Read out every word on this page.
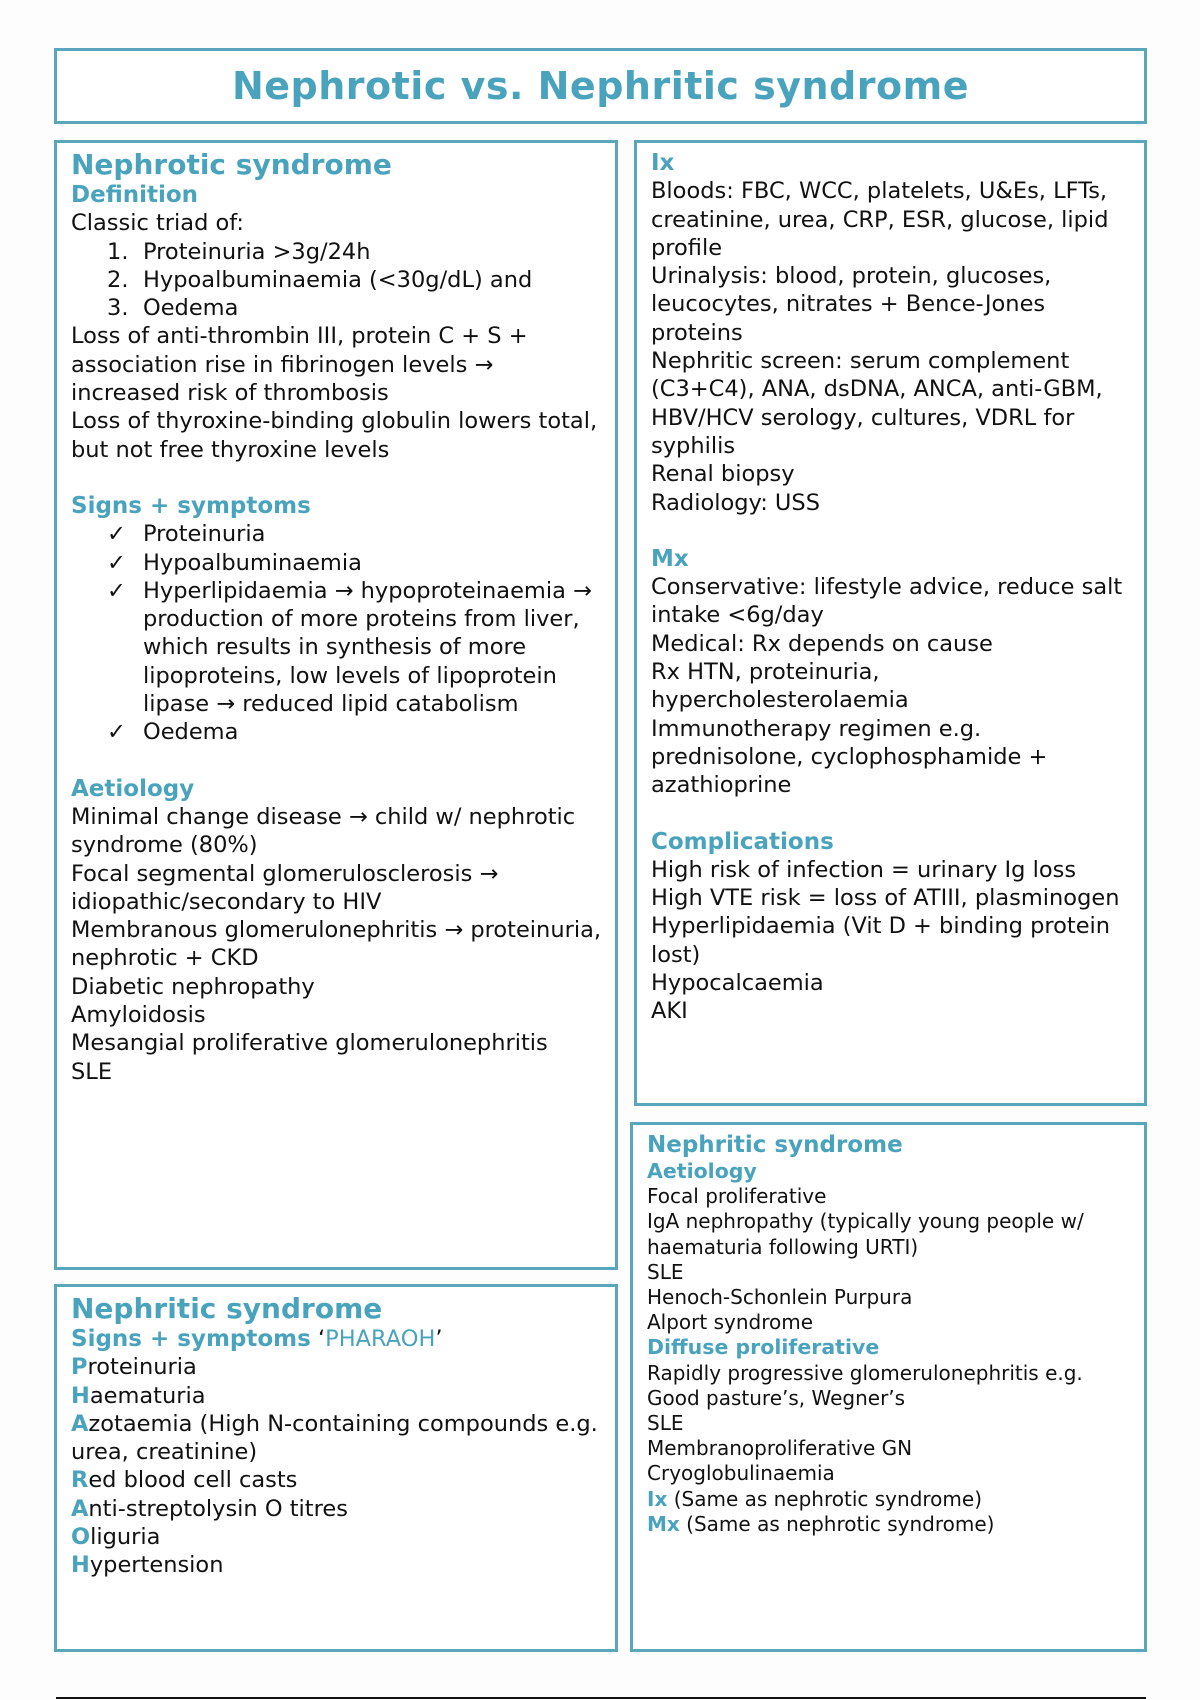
Nephrotic vs. Nephritic syndrome
Nephrotic syndrome
Definition
Classic triad of:
1. Proteinuria >3g/24h
2. Hypoalbuminaemia (<30g/dL) and
3. Oedema
Loss of anti-thrombin III, protein C + S + association rise in fibrinogen levels → increased risk of thrombosis
Loss of thyroxine-binding globulin lowers total, but not free thyroxine levels
Signs + symptoms
✓ Proteinuria
✓ Hypoalbuminaemia
✓ Hyperlipidaemia → hypoproteinaemia → production of more proteins from liver, which results in synthesis of more lipoproteins, low levels of lipoprotein lipase → reduced lipid catabolism
✓ Oedema
Aetiology
Minimal change disease → child w/ nephrotic syndrome (80%)
Focal segmental glomerulosclerosis → idiopathic/secondary to HIV
Membranous glomerulonephritis → proteinuria, nephrotic + CKD
Diabetic nephropathy
Amyloidosis
Mesangial proliferative glomerulonephritis
SLE
Ix
Bloods: FBC, WCC, platelets, U&Es, LFTs, creatinine, urea, CRP, ESR, glucose, lipid profile
Urinalysis: blood, protein, glucoses, leucocytes, nitrates + Bence-Jones proteins
Nephritic screen: serum complement (C3+C4), ANA, dsDNA, ANCA, anti-GBM, HBV/HCV serology, cultures, VDRL for syphilis
Renal biopsy
Radiology: USS
Mx
Conservative: lifestyle advice, reduce salt intake <6g/day
Medical: Rx depends on cause
Rx HTN, proteinuria, hypercholesterolaemia
Immunotherapy regimen e.g. prednisolone, cyclophosphamide + azathioprine
Complications
High risk of infection = urinary Ig loss
High VTE risk = loss of ATIII, plasminogen
Hyperlipidaemia (Vit D + binding protein lost)
Hypocalcaemia
AKI
Nephritic syndrome
Signs + symptoms ‘PHARAOH’
Proteinuria
Haematuria
Azotaemia (High N-containing compounds e.g. urea, creatinine)
Red blood cell casts
Anti-streptolysin O titres
Oliguria
Hypertension
Nephritic syndrome
Aetiology
Focal proliferative
IgA nephropathy (typically young people w/ haematuria following URTI)
SLE
Henoch-Schonlein Purpura
Alport syndrome
Diffuse proliferative
Rapidly progressive glomerulonephritis e.g. Good pasture’s, Wegner’s
SLE
Membranoproliferative GN
Cryoglobulinaemia
Ix (Same as nephrotic syndrome)
Mx (Same as nephrotic syndrome)
